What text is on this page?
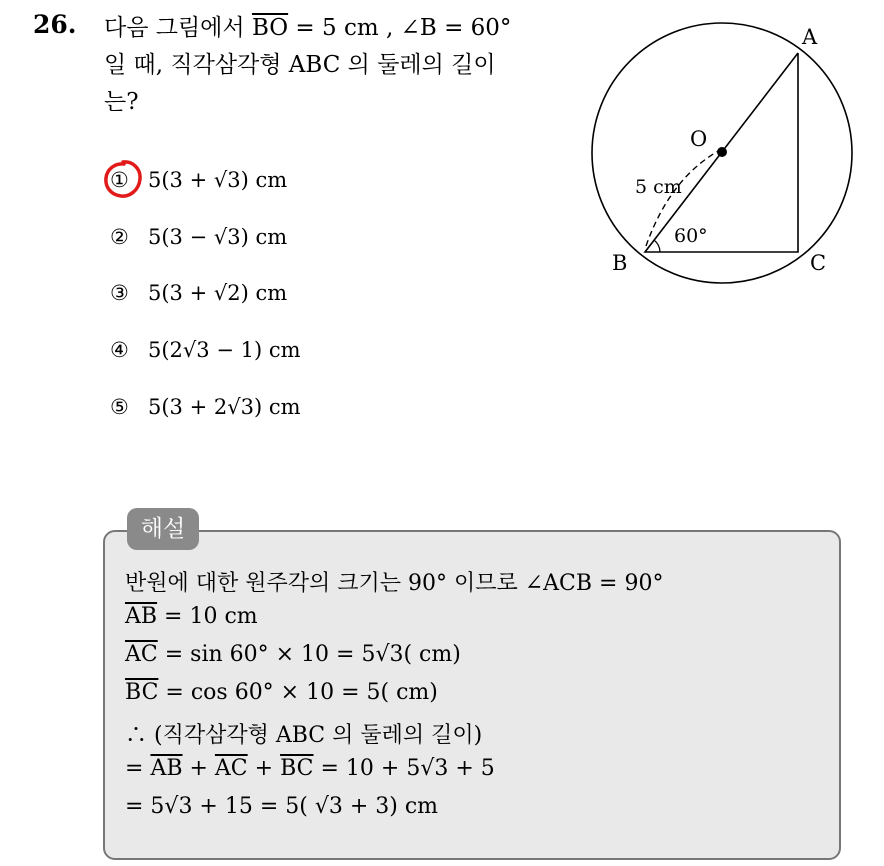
26. 다음 그림에서 $\overline{BO} = 5$ cm , ∠B = 60°
일 때, 직각삼각형 ABC 의 둘레의 길이
는?
① 5(3 + √3) cm
② 5(3 − √3) cm
③ 5(3 + √2) cm
④ 5(2√3 − 1) cm
⑤ 5(3 + 2√3) cm
A
B	C
O
5 cm
60°
해설
반원에 대한 원주각의 크기는 90° 이므로 ∠ACB = 90°
$\overline{AB} = 10$ cm
$\overline{AC} = \sin 60^\circ \times 10 = 5√3$( cm)
$\overline{BC} = \cos 60^\circ \times 10 = 5$( cm)
∴ (직각삼각형 ABC 의 둘레의 길이)
= $\overline{AB} + \overline{AC} + \overline{BC} = 10 + 5√3 + 5$
= 5√3 + 15 = 5( √3 + 3) cm
